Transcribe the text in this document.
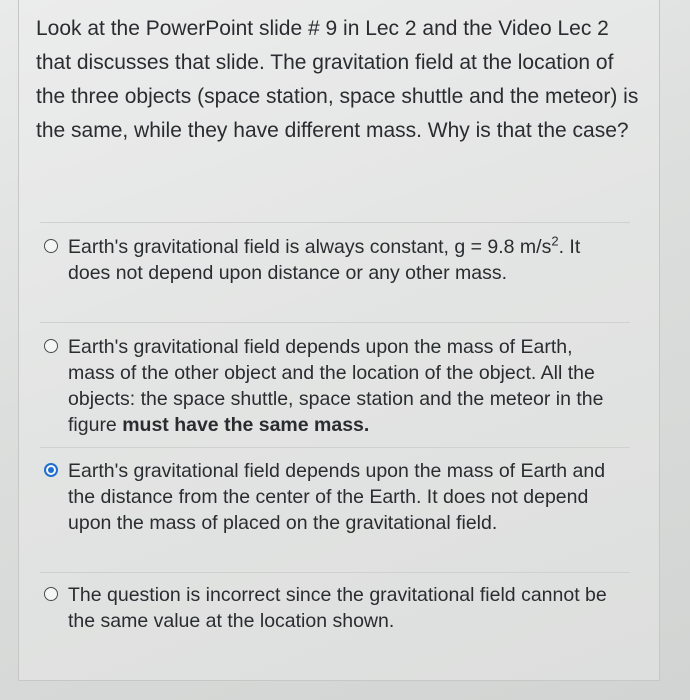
Look at the PowerPoint slide # 9 in Lec 2 and the Video Lec 2 that discusses that slide. The gravitation field at the location of the three objects (space station, space shuttle and the meteor) is the same, while they have different mass. Why is that the case?
Earth's gravitational field is always constant, g = 9.8 $m/s^2$. It does not depend upon distance or any other mass.
Earth's gravitational field depends upon the mass of Earth, mass of the other object and the location of the object. All the objects: the space shuttle, space station and the meteor in the figure must have the same mass.
Earth's gravitational field depends upon the mass of Earth and the distance from the center of the Earth. It does not depend upon the mass of placed on the gravitational field.
The question is incorrect since the gravitational field cannot be the same value at the location shown.
